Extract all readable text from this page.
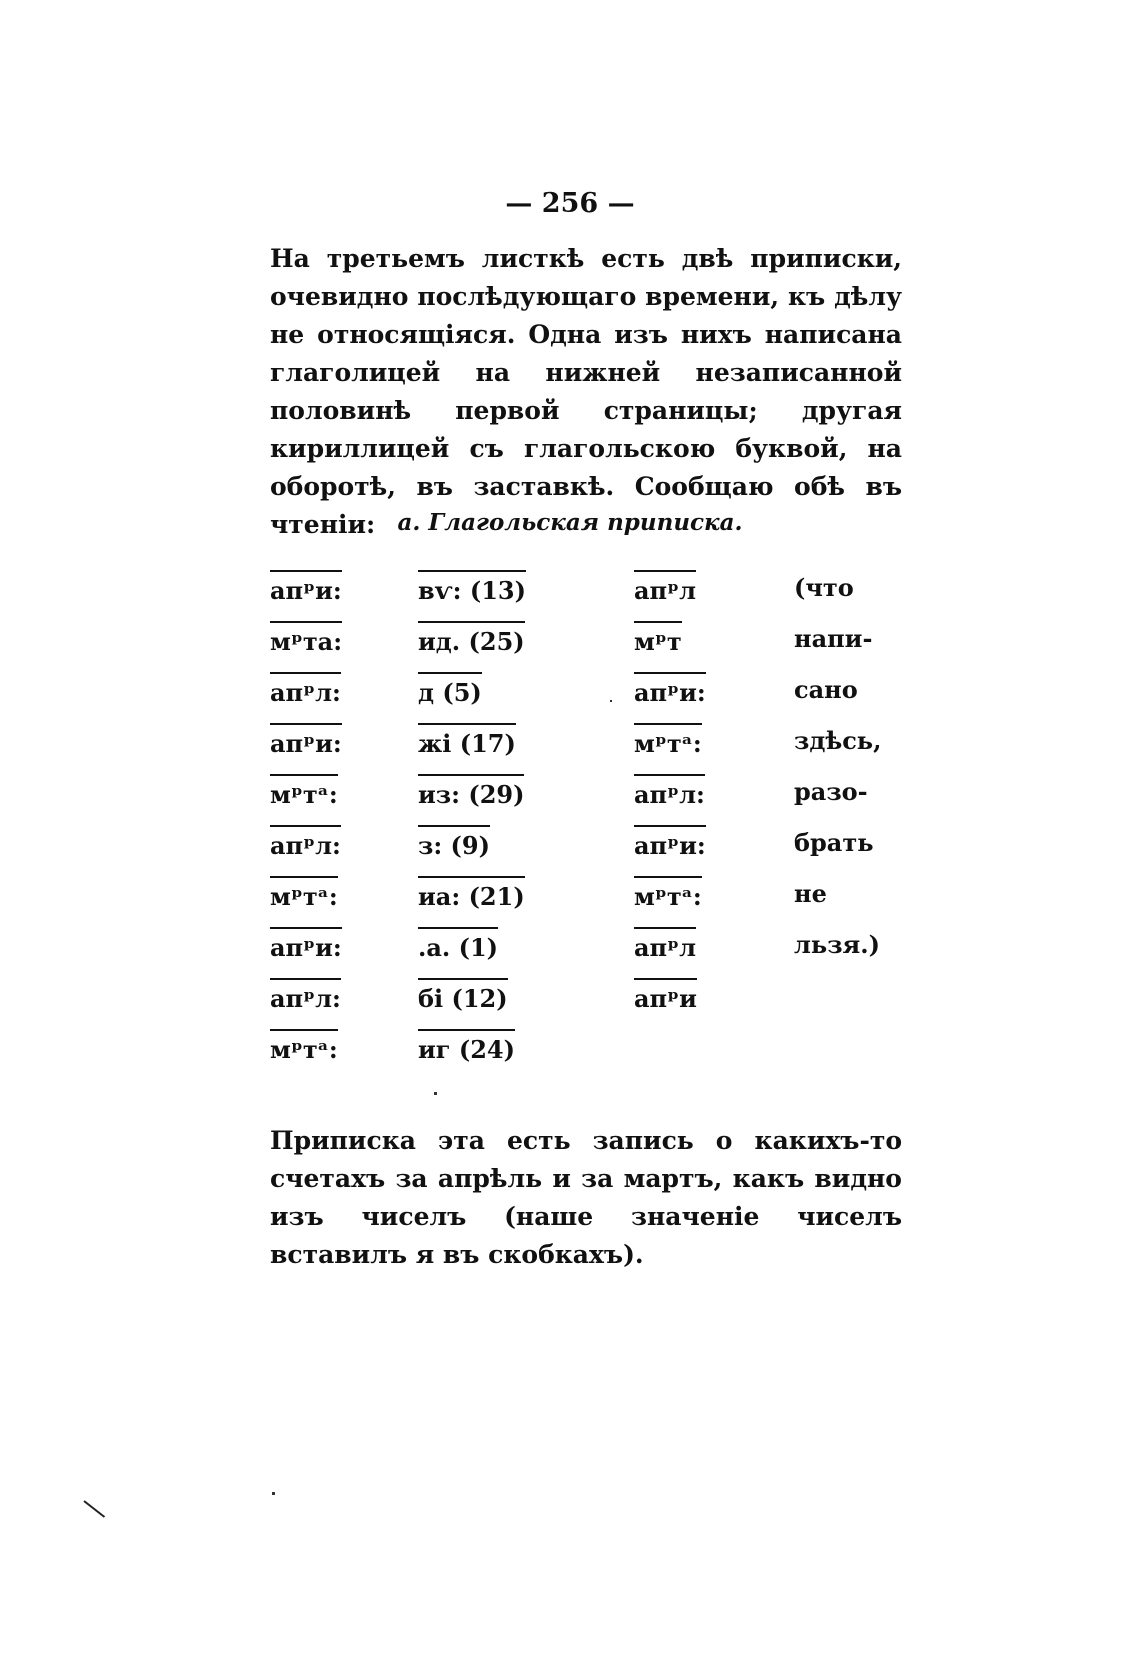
— 256 —
На третьемъ листкѣ есть двѣ приписки, очевидно послѣдующаго времени, къ дѣлу не относящіяся. Одна изъ нихъ написана глаголицей на нижней незаписанной половинѣ первой страницы; другая кириллицей съ глагольскою буквой, на оборотѣ, въ заставкѣ. Сообщаю обѣ въ чтеніи: а. Глагольская приписка.
апᵖи:	вѵ: (13)	апᵖл	(что
мᵖта:	ид. (25)	мᵖт	напи-
апᵖл:	д (5)	апᵖи:	сано
апᵖи:	жі (17)	мᵖтᵃ:	здѣсь,
мᵖтᵃ:	из: (29)	апᵖл:	разо-
апᵖл:	з: (9)	апᵖи:	брать
мᵖтᵃ:	иа: (21)	мᵖтᵃ:	не
апᵖи:	.а. (1)	апᵖл	льзя.)
апᵖл:	бі (12)	апᵖи
мᵖтᵃ:	иг (24)
Приписка эта есть запись о какихъ-то счетахъ за апрѣль и за мартъ, какъ видно изъ чиселъ (наше значеніе чиселъ вставилъ я въ скобкахъ).
